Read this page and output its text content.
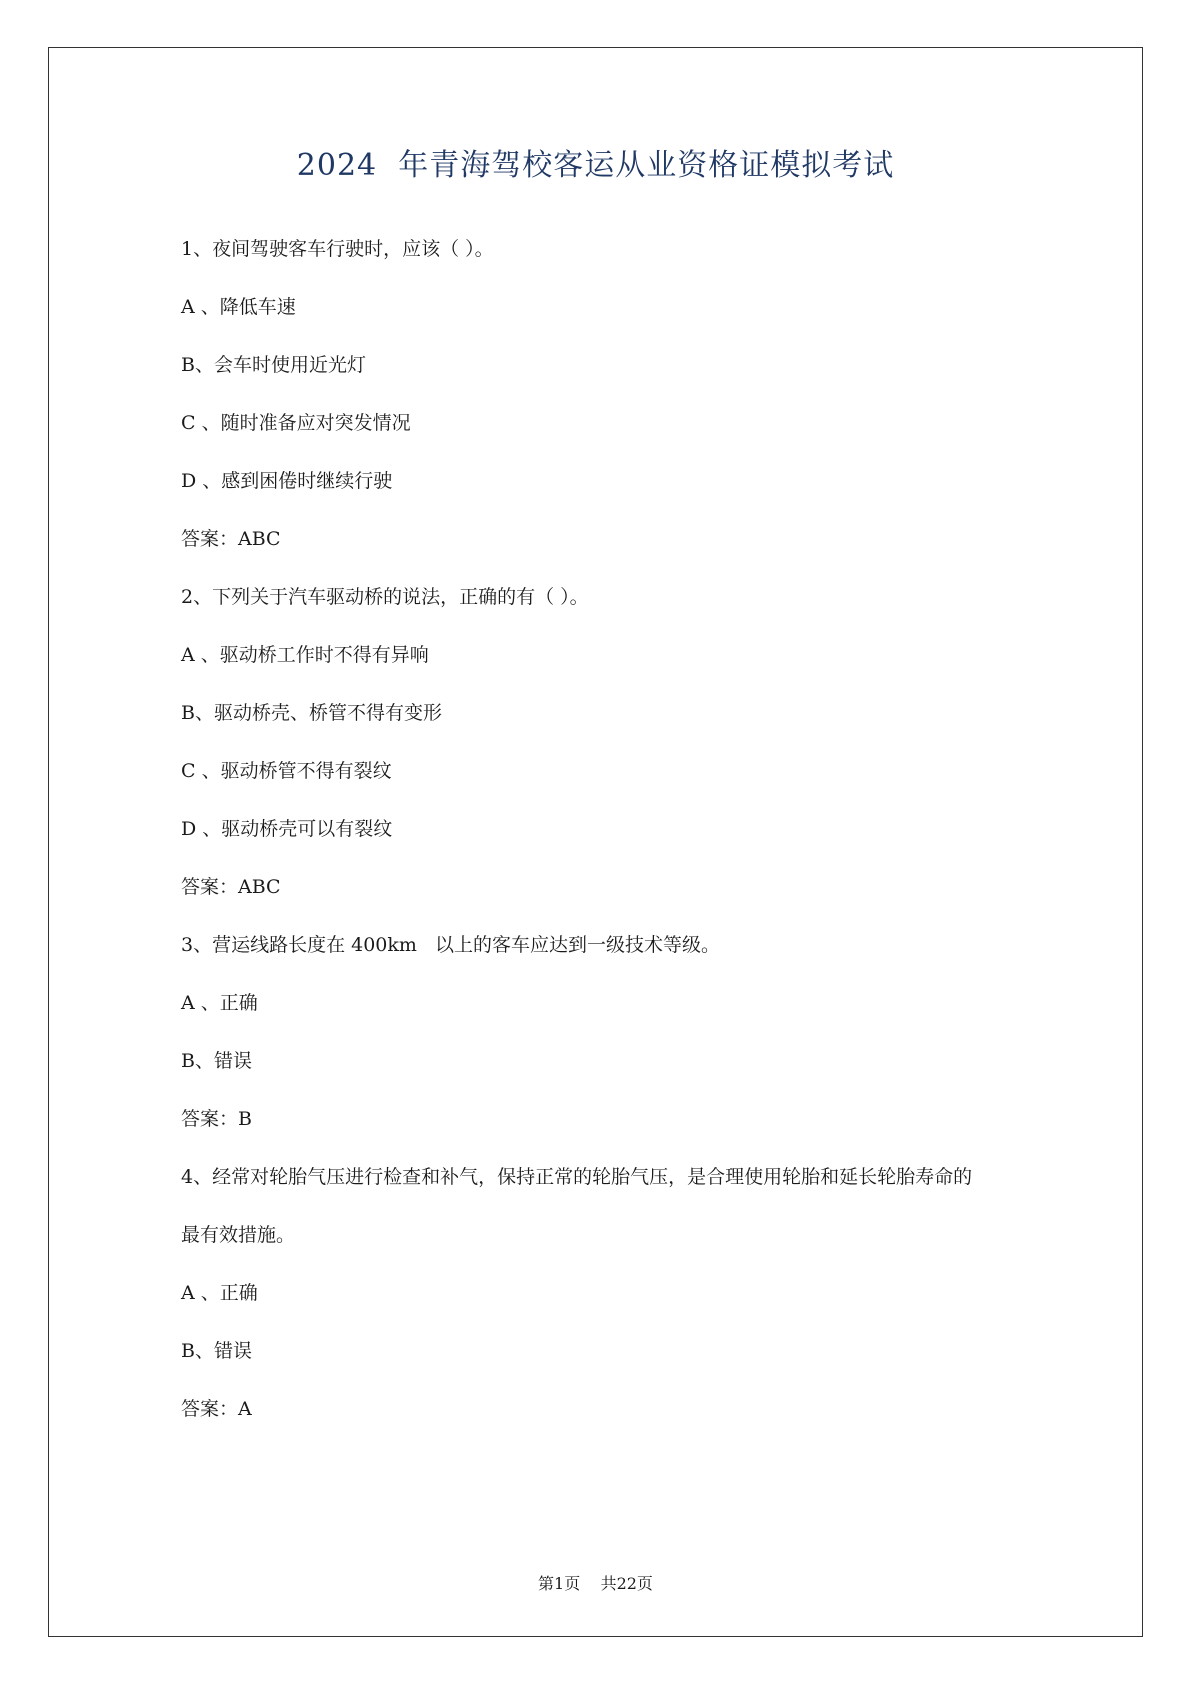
2024  年青海驾校客运从业资格证模拟考试
1、夜间驾驶客车行驶时，应该（ ）。
A 、降低车速
B、会车时使用近光灯
C 、随时准备应对突发情况
D 、感到困倦时继续行驶
答案：ABC
2、下列关于汽车驱动桥的说法，正确的有（ ）。
A 、驱动桥工作时不得有异响
B、驱动桥壳、桥管不得有变形
C 、驱动桥管不得有裂纹
D 、驱动桥壳可以有裂纹
答案：ABC
3、营运线路长度在 400km   以上的客车应达到一级技术等级。
A 、正确
B、错误
答案：B
4、经常对轮胎气压进行检查和补气，保持正常的轮胎气压，是合理使用轮胎和延长轮胎寿命的
最有效措施。
A 、正确
B、错误
答案：A
第1页    共22页
